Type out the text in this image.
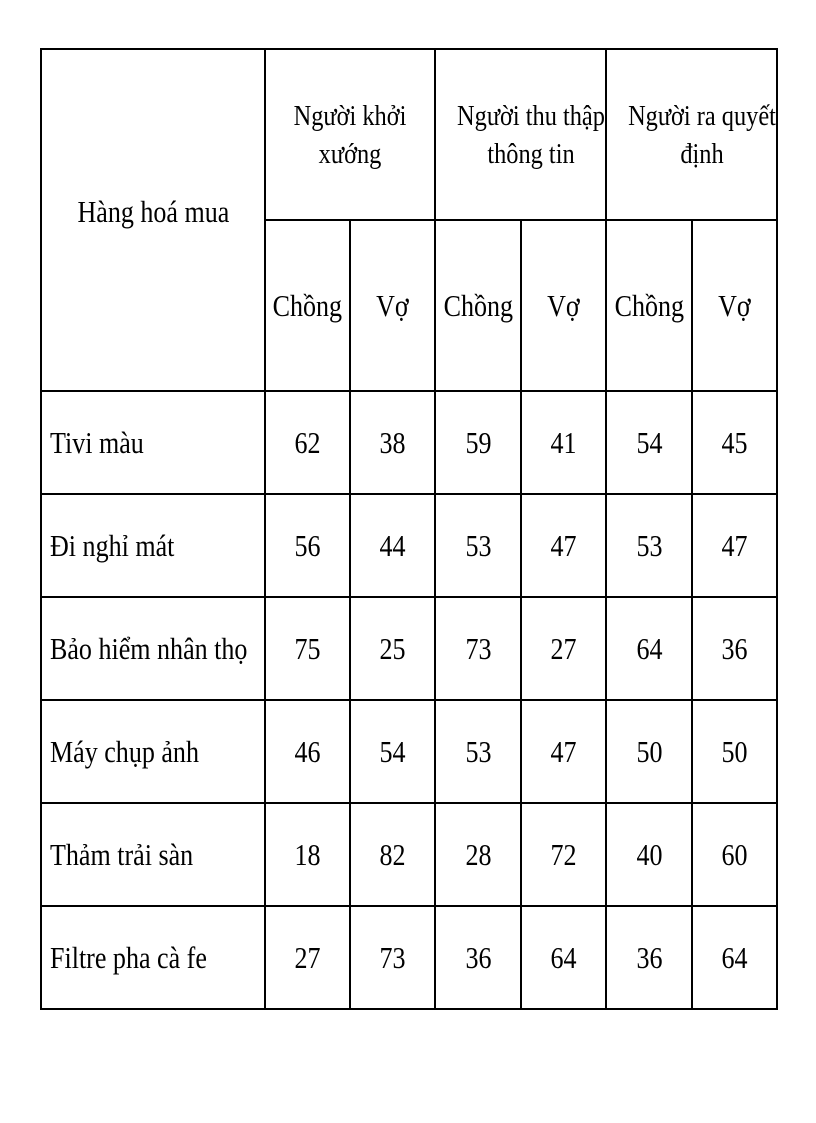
Hàng hoá mua	Người khởi xướng		Người thu thập thông tin		Người ra quyết định	
	Chồng	Vợ	Chồng	Vợ	Chồng	Vợ
Tivi màu	62	38	59	41	54	45
Đi nghỉ mát	56	44	53	47	53	47
Bảo hiểm nhân thọ	75	25	73	27	64	36
Máy chụp ảnh	46	54	53	47	50	50
Thảm trải sàn	18	82	28	72	40	60
Filtre pha cà fe	27	73	36	64	36	64
